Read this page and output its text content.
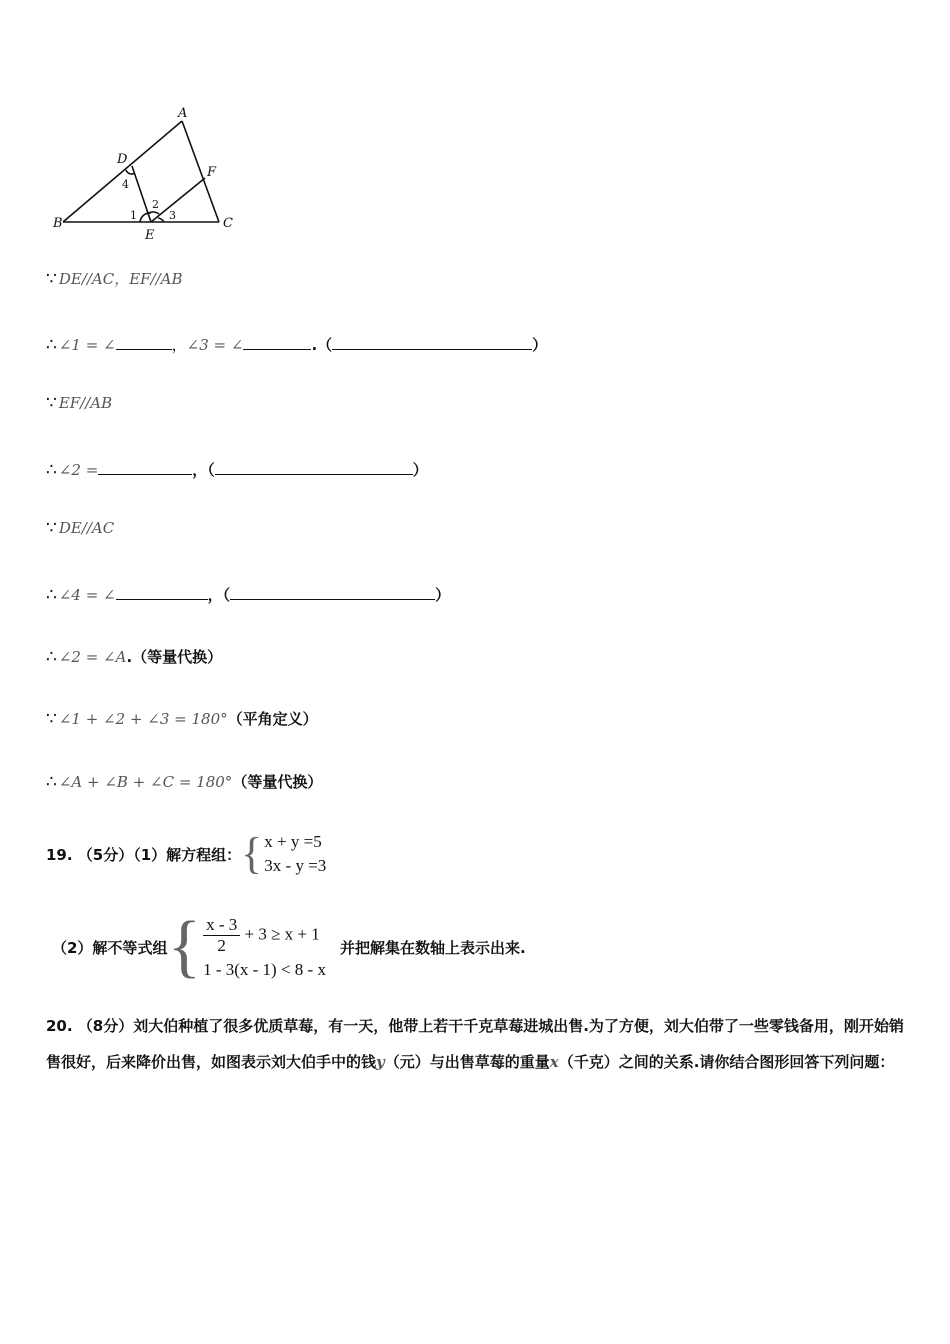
A
B	C
D
E
F
4
1
2
3
∵ DE//AC，EF//AB
∴ ∠1 = ∠	， ∠3 = ∠	.（	）
∵ EF//AB
∴ ∠2 =	，（	）
∵ DE//AC
∴ ∠4 = ∠	，（	）
∴ ∠2 = ∠A .（等量代换）
∵ ∠1 + ∠2 + ∠3 = 180° （平角定义）
∴ ∠A + ∠B + ∠C = 180° （等量代换）
19. （5分）（1）解方程组： { x + y =5
3x - y =3
（2）解不等式组 { $\frac{x - 3}{2} + 3 \ge x + 1$
1 - 3(x - 1) < 8 - x
并把解集在数轴上表示出来.
20. （8分）刘大伯种植了很多优质草莓，有一天，他带上若干千克草莓进城出售.为了方便，刘大伯带了一些零钱备用，刚开始销售很好，后来降价出售，如图表示刘大伯手中的钱y（元）与出售草莓的重量x（千克）之间的关系.请你结合图形回答下列问题：
